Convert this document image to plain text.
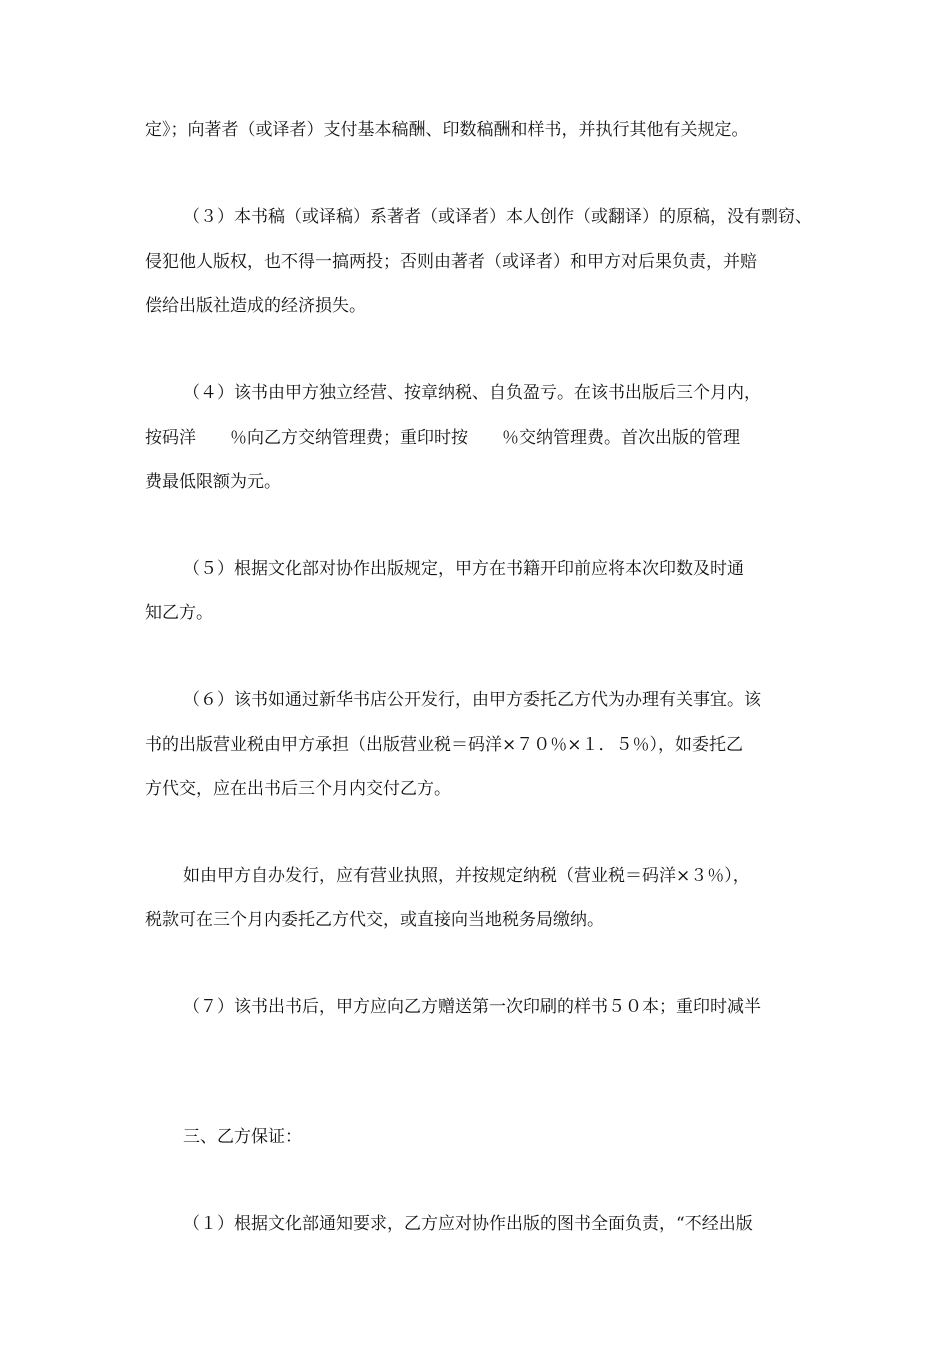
定》；向著者（或译者）支付基本稿酬、印数稿酬和样书，并执行其他有关规定。
（３）本书稿（或译稿）系著者（或译者）本人创作（或翻译）的原稿，没有剽窃、
侵犯他人版权，也不得一搞两投；否则由著者（或译者）和甲方对后果负责，并赔
偿给出版社造成的经济损失。
（４）该书由甲方独立经营、按章纳税、自负盈亏。在该书出版后三个月内，
按码洋　　％向乙方交纳管理费；重印时按　　％交纳管理费。首次出版的管理
费最低限额为元。
（５）根据文化部对协作出版规定，甲方在书籍开印前应将本次印数及时通
知乙方。
（６）该书如通过新华书店公开发行，由甲方委托乙方代为办理有关事宜。该
书的出版营业税由甲方承担（出版营业税＝码洋×７０％×１．５％），如委托乙
方代交，应在出书后三个月内交付乙方。
如由甲方自办发行，应有营业执照，并按规定纳税（营业税＝码洋×３％），
税款可在三个月内委托乙方代交，或直接向当地税务局缴纳。
（７）该书出书后，甲方应向乙方赠送第一次印刷的样书５０本；重印时减半
三、乙方保证：
（１）根据文化部通知要求，乙方应对协作出版的图书全面负责，“不经出版
